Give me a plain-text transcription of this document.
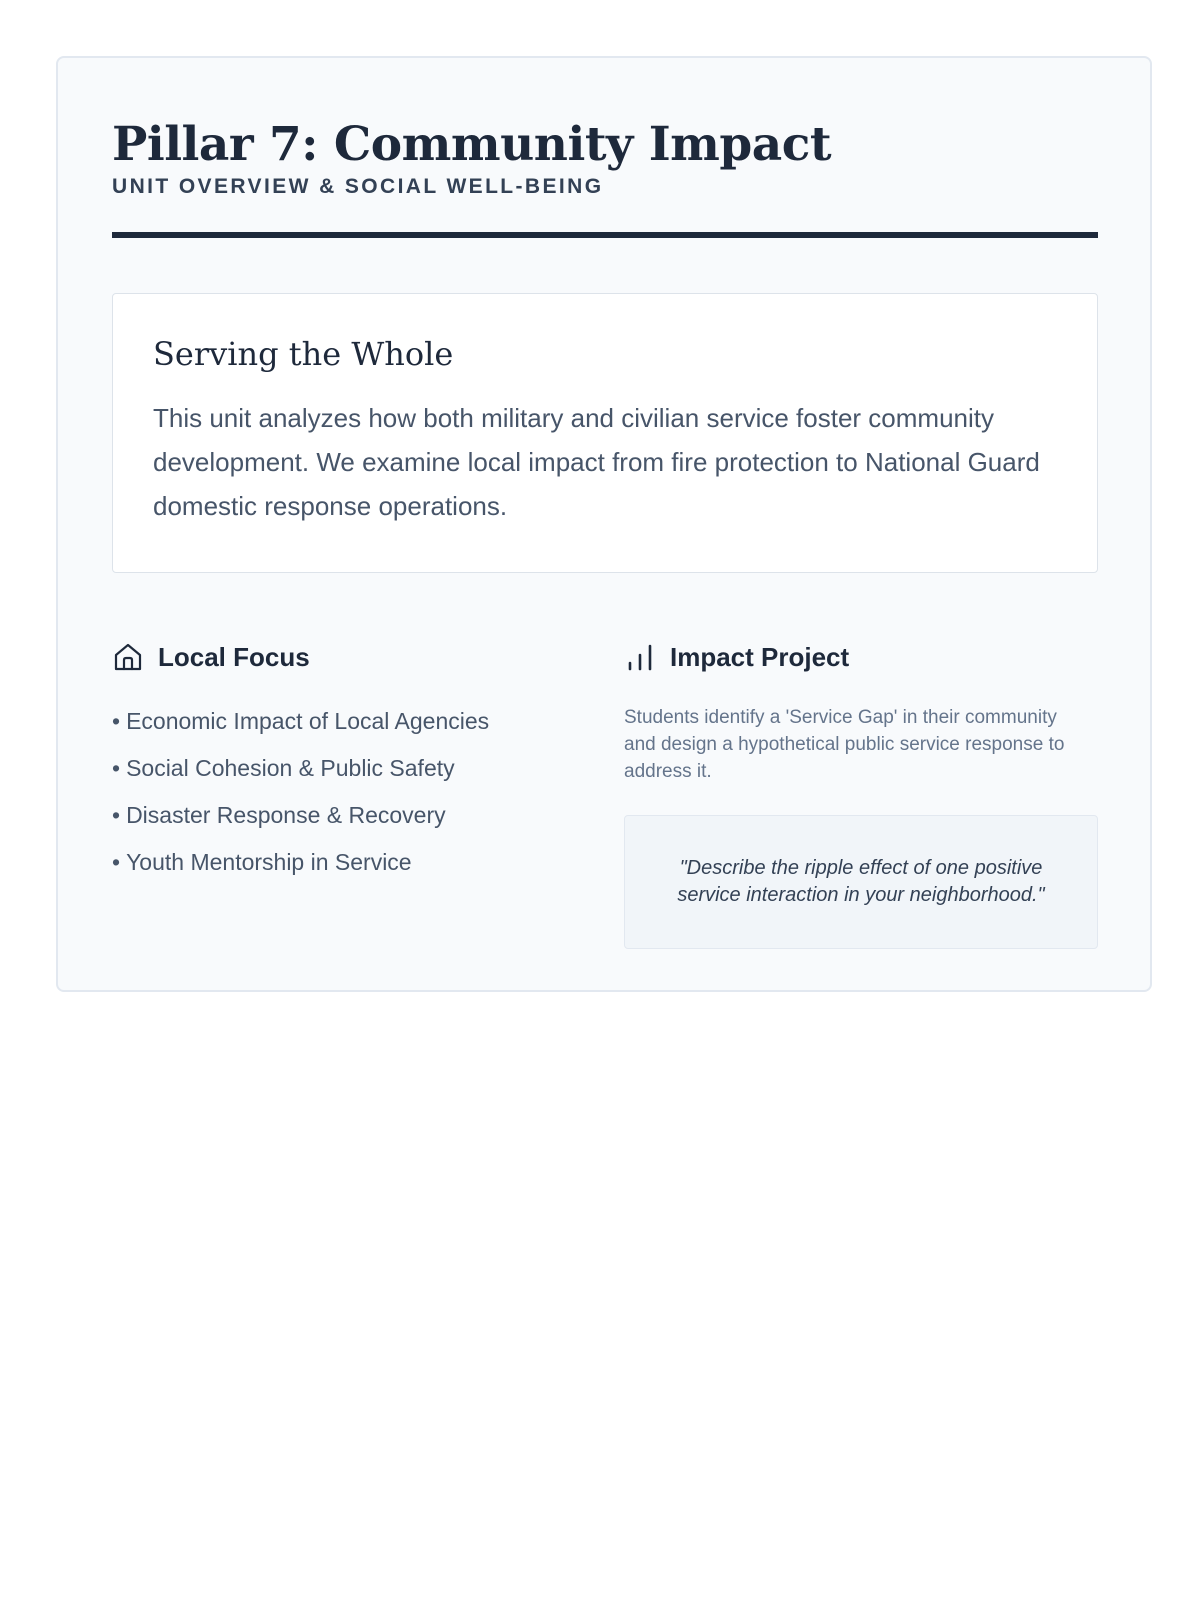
Pillar 7: Community Impact

UNIT OVERVIEW & SOCIAL WELL-BEING

Serving the Whole

This unit analyzes how both military and civilian service foster community development. We examine local impact from fire protection to National Guard domestic response operations.

Local Focus
• Economic Impact of Local Agencies
• Social Cohesion & Public Safety
• Disaster Response & Recovery
• Youth Mentorship in Service
Impact Project

Students identify a 'Service Gap' in their community and design a hypothetical public service response to address it.

"Describe the ripple effect of one positive service interaction in your neighborhood."
